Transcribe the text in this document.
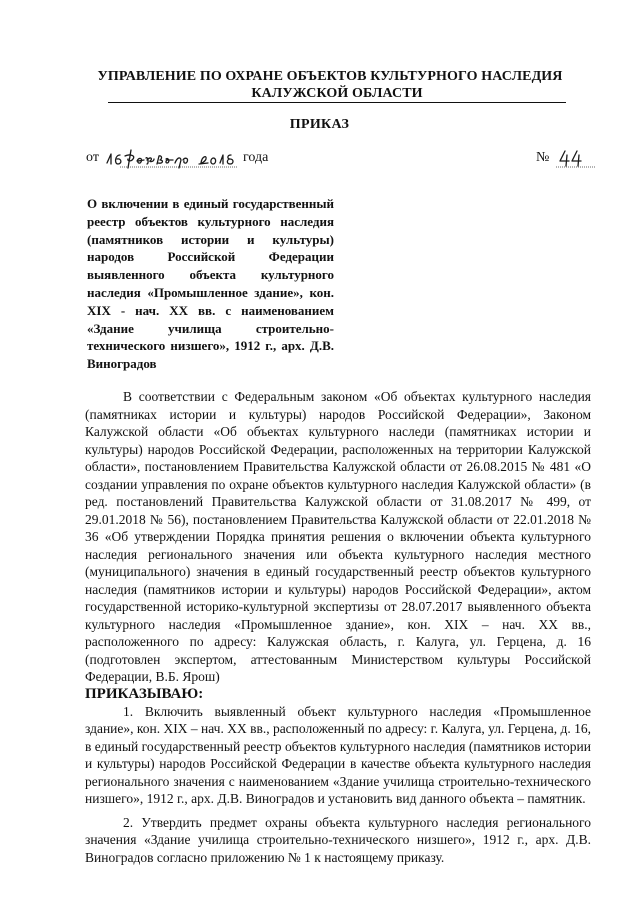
УПРАВЛЕНИЕ ПО ОХРАНЕ ОБЪЕКТОВ КУЛЬТУРНОГО НАСЛЕДИЯ

КАЛУЖСКОЙ ОБЛАСТИ
ПРИКАЗ
от	года	№
О включении в единый государственный реестр объектов культурного наследия (памятников истории и культуры) народов Российской Федерации выявленного объекта культурного наследия «Промышленное здание», кон. XIX - нач. XX вв. с наименованием «Здание училища строительно-технического низшего», 1912 г., арх. Д.В. Виноградов

В соответствии с Федеральным законом «Об объектах культурного наследия (памятниках истории и культуры) народов Российской Федерации», Законом Калужской области «Об объектах культурного наследи (памятниках истории и культуры) народов Российской Федерации, расположенных на территории Калужской области», постановлением Правительства Калужской области от 26.08.2015 № 481 «О создании управления по охране объектов культурного наследия Калужской области» (в ред. постановлений Правительства Калужской области от 31.08.2017 № 499, от 29.01.2018 № 56), постановлением Правительства Калужской области от 22.01.2018 № 36 «Об утверждении Порядка принятия решения о включении объекта культурного наследия регионального значения или объекта культурного наследия местного (муниципального) значения в единый государственный реестр объектов культурного наследия (памятников истории и культуры) народов Российской Федерации», актом государственной историко-культурной экспертизы от 28.07.2017 выявленного объекта культурного наследия «Промышленное здание», кон. XIX – нач. XX вв., расположенного по адресу: Калужская область, г. Калуга, ул. Герцена, д. 16 (подготовлен экспертом, аттестованным Министерством культуры Российской Федерации, В.Б. Ярош)

ПРИКАЗЫВАЮ:

1. Включить выявленный объект культурного наследия «Промышленное здание», кон. XIX – нач. XX вв., расположенный по адресу: г. Калуга, ул. Герцена, д. 16, в единый государственный реестр объектов культурного наследия (памятников истории и культуры) народов Российской Федерации в качестве объекта культурного наследия регионального значения с наименованием «Здание училища строительно-технического низшего», 1912 г., арх. Д.В. Виноградов и установить вид данного объекта – памятник.

2. Утвердить предмет охраны объекта культурного наследия регионального значения «Здание училища строительно-технического низшего», 1912 г., арх. Д.В. Виноградов согласно приложению № 1 к настоящему приказу.
